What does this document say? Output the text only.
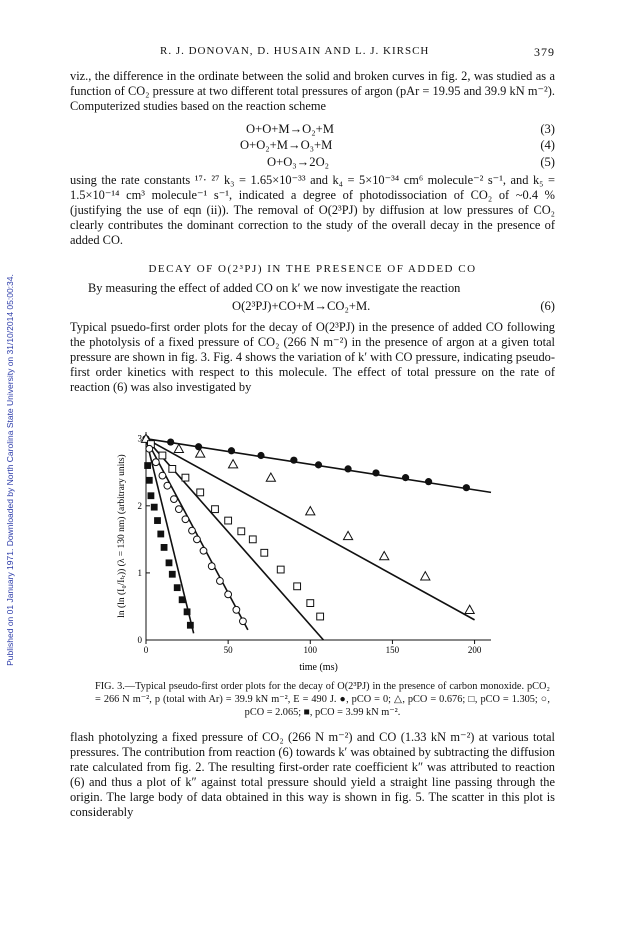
Published on 01 January 1971. Downloaded by North Carolina State University on 31/10/2014 05:00:34.
R. J. DONOVAN, D. HUSAIN AND L. J. KIRSCH	379

viz., the difference in the ordinate between the solid and broken curves in fig. 2, was studied as a function of CO₂ pressure at two different total pressures of argon (pAr = 19.95 and 39.9 kN m⁻²). Computerized studies based on the reaction scheme

O+O+M→O₂+M	(3)
O+O₂+M→O₃+M	(4)
O+O₃→2O₂	(5)

using the rate constants ¹⁷· ²⁷ k₃ = 1.65×10⁻³³ and k₄ = 5×10⁻³⁴ cm⁶ molecule⁻² s⁻¹, and k₅ = 1.5×10⁻¹⁴ cm³ molecule⁻¹ s⁻¹, indicated a degree of photodissociation of CO₂ of ~0.4 % (justifying the use of eqn (ii)). The removal of O(2³PJ) by diffusion at low pressures of CO₂ clearly contributes the dominant correction to the study of the overall decay in the presence of added CO.

DECAY OF O(2³PJ) IN THE PRESENCE OF ADDED CO

By measuring the effect of added CO on k′ we now investigate the reaction

O(2³PJ)+CO+M→CO₂+M.	(6)

Typical psuedo-first order plots for the decay of O(2³PJ) in the presence of added CO following the photolysis of a fixed pressure of CO₂ (266 N m⁻²) in the presence of argon at a given total pressure are shown in fig. 3. Fig. 4 shows the variation of k′ with CO pressure, indicating pseudo-first order kinetics with respect to this molecule. The effect of total pressure on the rate of reaction (6) was also investigated by

0	50	100	150	200
0
1
2
3
time (ms)
ln (ln (I₀/Iₜᵣ)) (λ = 130 nm) (arbitrary units)
FIG. 3.—Typical pseudo-first order plots for the decay of O(2³PJ) in the presence of carbon monoxide. pCO₂ = 266 N m⁻², p (total with Ar) = 39.9 kN m⁻², E = 490 J. ●, pCO = 0; △, pCO = 0.676; □, pCO = 1.305; ○, pCO = 2.065; ■, pCO = 3.99 kN m⁻².

flash photolyzing a fixed pressure of CO₂ (266 N m⁻²) and CO (1.33 kN m⁻²) at various total pressures. The contribution from reaction (6) towards k′ was obtained by subtracting the diffusion rate calculated from fig. 2. The resulting first-order rate coefficient k″ was attributed to reaction (6) and thus a plot of k″ against total pressure should yield a straight line passing through the origin. The large body of data obtained in this way is shown in fig. 5. The scatter in this plot is considerably
